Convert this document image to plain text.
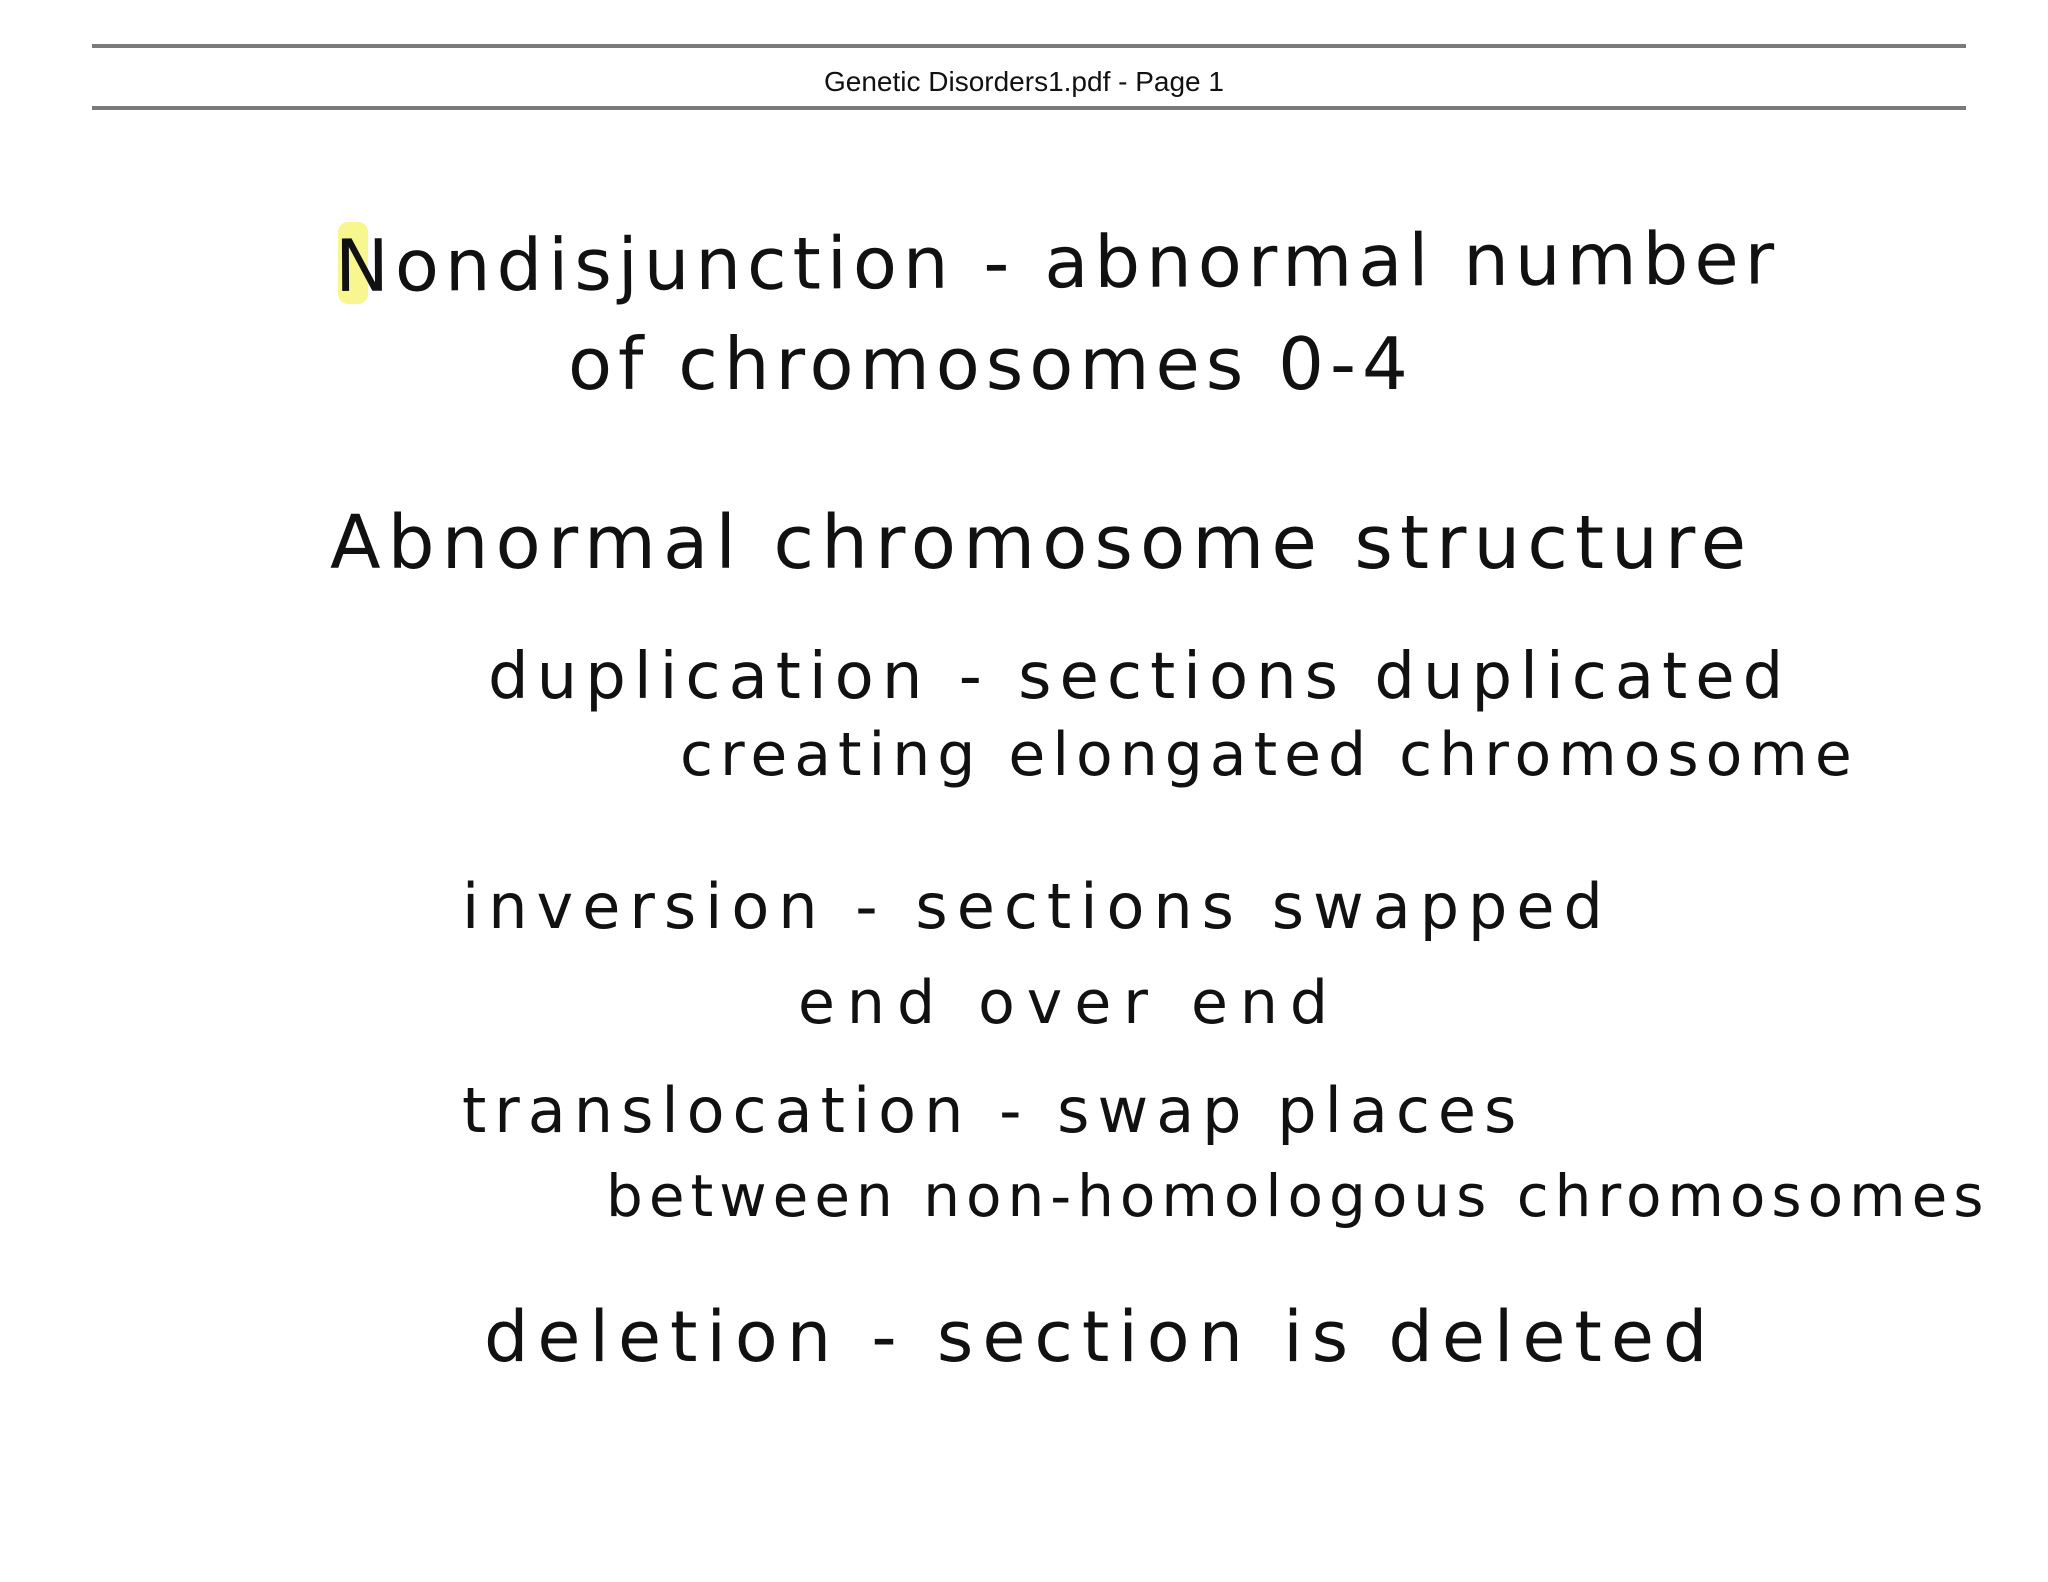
Genetic Disorders1.pdf - Page 1
Nondisjunction - abnormal number
of chromosomes 0-4
Abnormal chromosome structure
duplication - sections duplicated
creating elongated chromosome
inversion - sections swapped
end over end
translocation - swap places
between non-homologous chromosomes
deletion - section is deleted
